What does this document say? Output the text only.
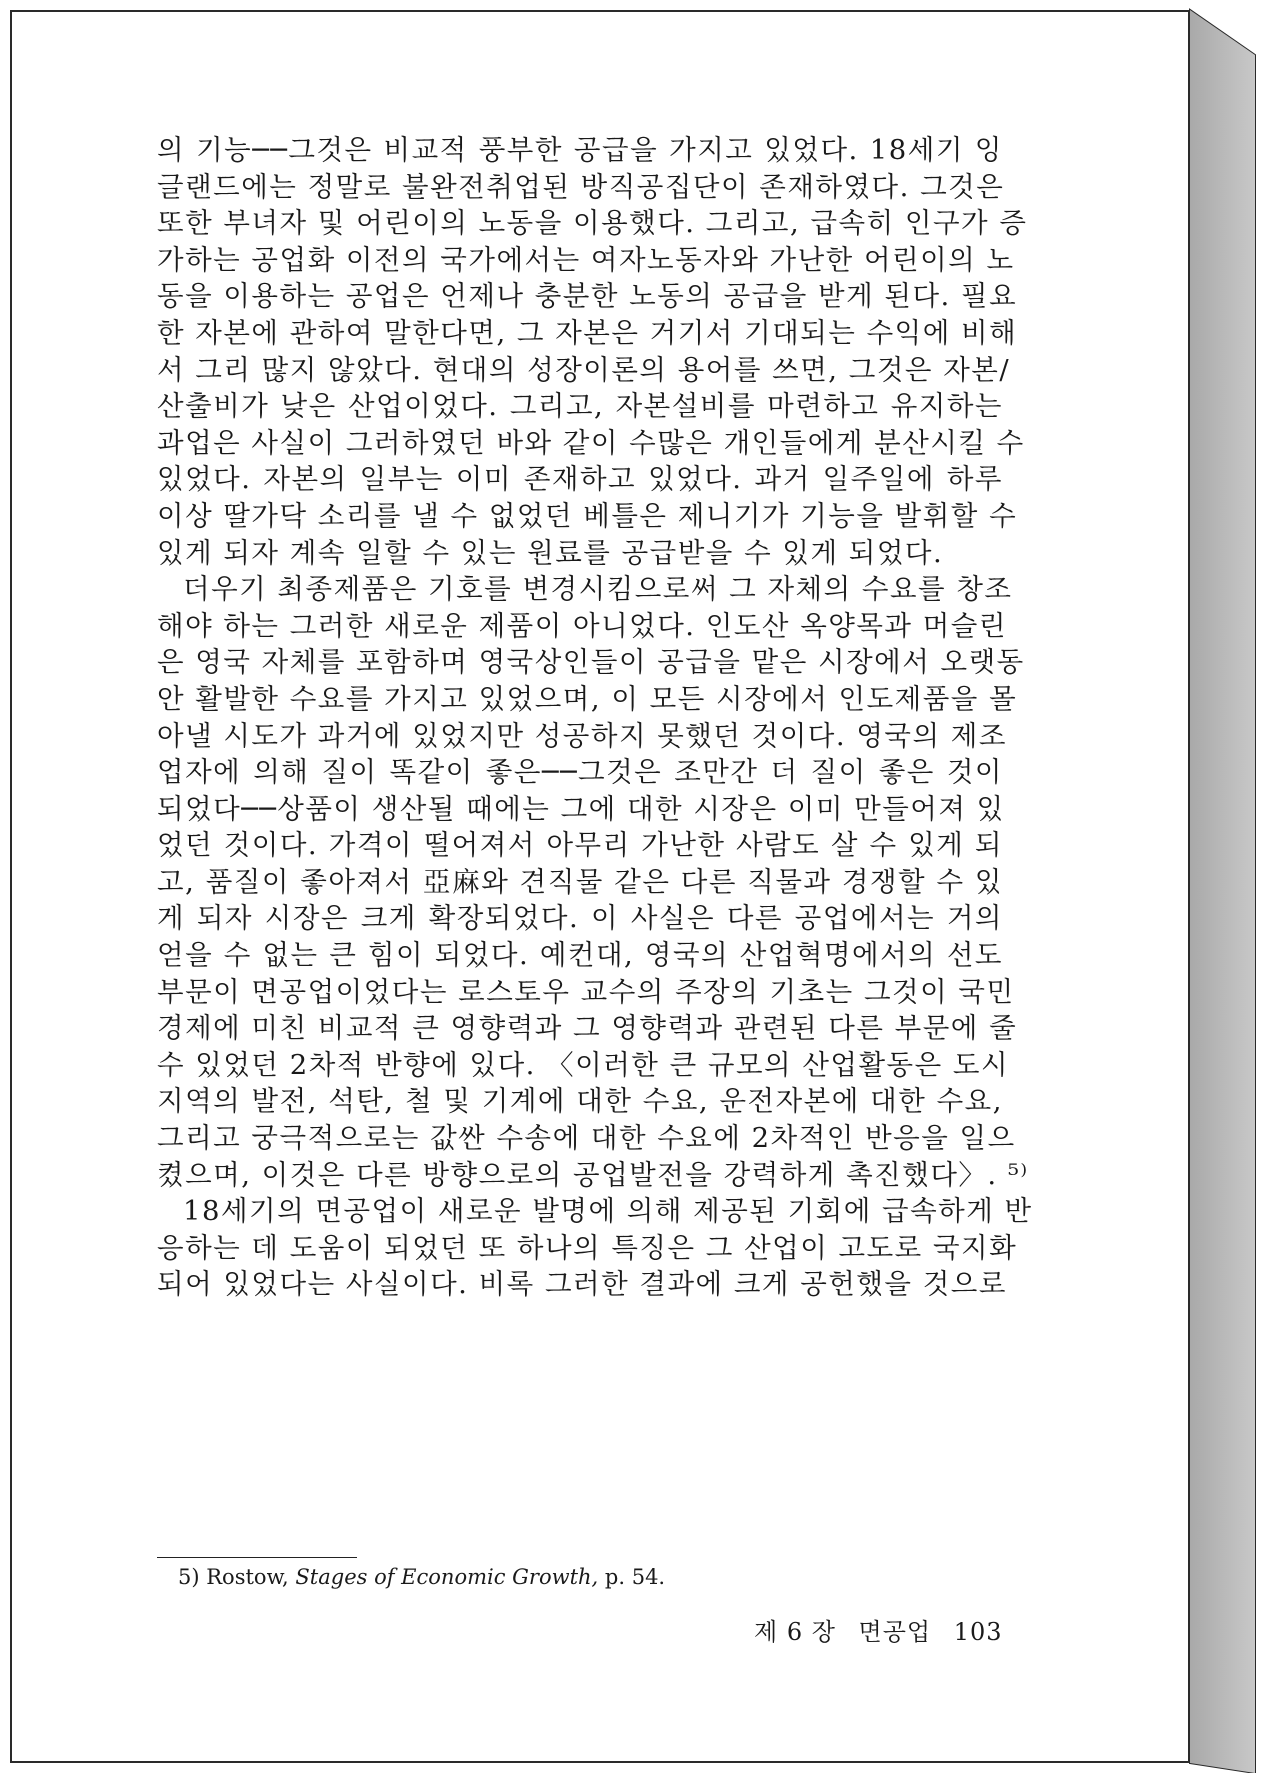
의 기능──그것은 비교적 풍부한 공급을 가지고 있었다. 18세기 잉
글랜드에는 정말로 불완전취업된 방직공집단이 존재하였다. 그것은
또한 부녀자 및 어린이의 노동을 이용했다. 그리고, 급속히 인구가 증
가하는 공업화 이전의 국가에서는 여자노동자와 가난한 어린이의 노
동을 이용하는 공업은 언제나 충분한 노동의 공급을 받게 된다. 필요
한 자본에 관하여 말한다면, 그 자본은 거기서 기대되는 수익에 비해
서 그리 많지 않았다. 현대의 성장이론의 용어를 쓰면, 그것은 자본/
산출비가 낮은 산업이었다. 그리고, 자본설비를 마련하고 유지하는
과업은 사실이 그러하였던 바와 같이 수많은 개인들에게 분산시킬 수
있었다. 자본의 일부는 이미 존재하고 있었다. 과거 일주일에 하루
이상 딸가닥 소리를 낼 수 없었던 베틀은 제니기가 기능을 발휘할 수
있게 되자 계속 일할 수 있는 원료를 공급받을 수 있게 되었다.
더우기 최종제품은 기호를 변경시킴으로써 그 자체의 수요를 창조
해야 하는 그러한 새로운 제품이 아니었다. 인도산 옥양목과 머슬린
은 영국 자체를 포함하며 영국상인들이 공급을 맡은 시장에서 오랫동
안 활발한 수요를 가지고 있었으며, 이 모든 시장에서 인도제품을 몰
아낼 시도가 과거에 있었지만 성공하지 못했던 것이다. 영국의 제조
업자에 의해 질이 똑같이 좋은──그것은 조만간 더 질이 좋은 것이
되었다──상품이 생산될 때에는 그에 대한 시장은 이미 만들어져 있
었던 것이다. 가격이 떨어져서 아무리 가난한 사람도 살 수 있게 되
고, 품질이 좋아져서 亞麻와 견직물 같은 다른 직물과 경쟁할 수 있
게 되자 시장은 크게 확장되었다. 이 사실은 다른 공업에서는 거의
얻을 수 없는 큰 힘이 되었다. 예컨대, 영국의 산업혁명에서의 선도
부문이 면공업이었다는 로스토우 교수의 주장의 기초는 그것이 국민
경제에 미친 비교적 큰 영향력과 그 영향력과 관련된 다른 부문에 줄
수 있었던 2차적 반향에 있다. 〈이러한 큰 규모의 산업활동은 도시
지역의 발전, 석탄, 철 및 기계에 대한 수요, 운전자본에 대한 수요,
그리고 궁극적으로는 값싼 수송에 대한 수요에 2차적인 반응을 일으
켰으며, 이것은 다른 방향으로의 공업발전을 강력하게 촉진했다〉. ⁵⁾
18세기의 면공업이 새로운 발명에 의해 제공된 기회에 급속하게 반
응하는 데 도움이 되었던 또 하나의 특징은 그 산업이 고도로 국지화
되어 있었다는 사실이다. 비록 그러한 결과에 크게 공헌했을 것으로
5) Rostow, Stages of Economic Growth, p. 54.
제 6 장 면공업 103
